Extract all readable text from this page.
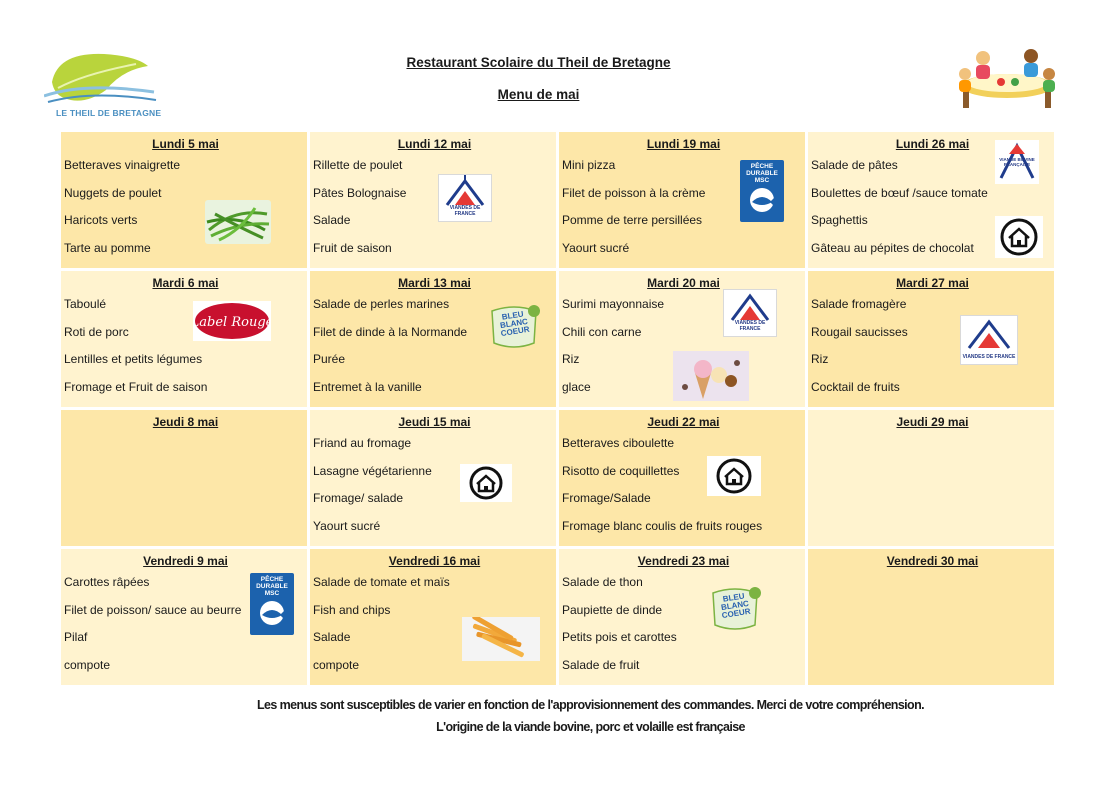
LE THEIL DE BRETAGNE
Restaurant Scolaire du Theil de Bretagne
Menu de mai
Lundi 5 mai
Betteraves vinaigrette
Nuggets de poulet
Haricots verts
Tarte au pomme
Lundi 12 mai
Rillette de poulet
Pâtes Bolognaise
Salade
Fruit de saison
VIANDES DE FRANCE
Lundi 19 mai
Mini pizza
Filet de poisson à la crème
Pomme de terre persillées
Yaourt sucré
PÊCHE DURABLE MSC
Lundi 26 mai
Salade de pâtes
Boulettes de bœuf /sauce tomate
Spaghettis
Gâteau au pépites de chocolat
VIANDE BOVINE FRANÇAISE
Mardi 6 mai
Taboulé
Roti de porc
Lentilles et petits légumes
Fromage et Fruit de saison
Label Rouge
Mardi 13 mai
Salade de perles marines
Filet de dinde à la Normande
Purée
Entremet à la vanille
BLEU BLANC COEUR
Mardi 20 mai
Surimi mayonnaise
Chili con carne
Riz
glace
VIANDES DE FRANCE
Mardi 27 mai
Salade fromagère
Rougail saucisses
Riz
Cocktail de fruits
VIANDES DE FRANCE
Jeudi 8 mai	Jeudi 15 mai
Friand au fromage
Lasagne végétarienne
Fromage/ salade
Yaourt sucré
Jeudi 22 mai
Betteraves ciboulette
Risotto de coquillettes
Fromage/Salade
Fromage blanc coulis de fruits rouges
Jeudi 29 mai
Vendredi 9 mai
Carottes râpées
Filet de poisson/ sauce au beurre
Pilaf
compote
PÊCHE DURABLE MSC
Vendredi 16 mai
Salade de tomate et maïs
Fish and chips
Salade
compote
Vendredi 23 mai
Salade de thon
Paupiette de dinde
Petits pois et carottes
Salade de fruit
BLEU BLANC COEUR
Vendredi 30 mai
Les menus sont susceptibles de varier en fonction de l'approvisionnement des commandes. Merci de votre compréhension.
L'origine de la viande bovine, porc et volaille est française
